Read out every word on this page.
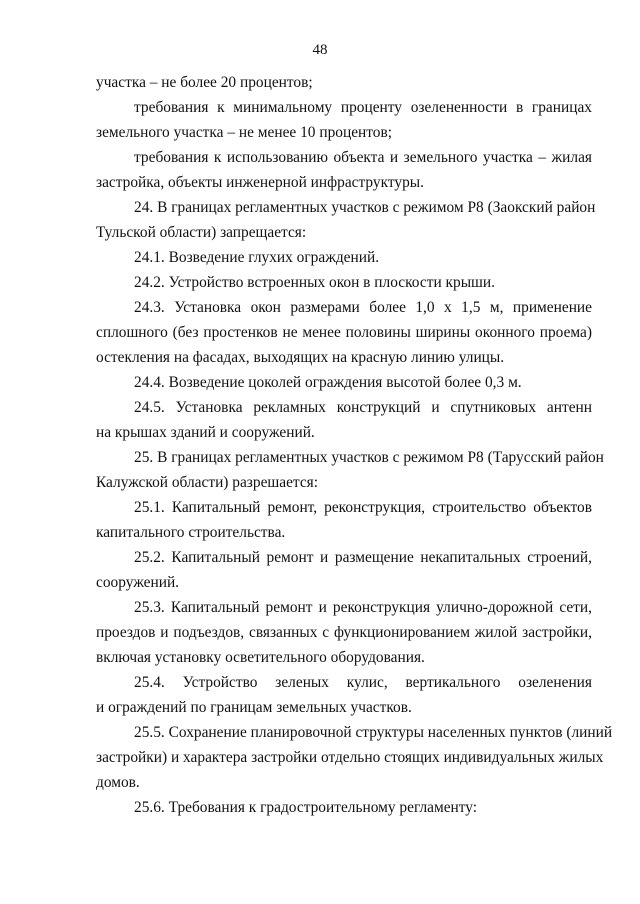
48
участка – не более 20 процентов;
требования к минимальному проценту озелененности в границах
земельного участка – не менее 10 процентов;
требования к использованию объекта и земельного участка – жилая
застройка, объекты инженерной инфраструктуры.
24. В границах регламентных участков с режимом Р8 (Заокский район
Тульской области) запрещается:
24.1. Возведение глухих ограждений.
24.2. Устройство встроенных окон в плоскости крыши.
24.3. Установка окон размерами более 1,0 х 1,5 м, применение
сплошного (без простенков не менее половины ширины оконного проема)
остекления на фасадах, выходящих на красную линию улицы.
24.4. Возведение цоколей ограждения высотой более 0,3 м.
24.5. Установка рекламных конструкций и спутниковых антенн
на крышах зданий и сооружений.
25. В границах регламентных участков с режимом Р8 (Тарусский район
Калужской области) разрешается:
25.1. Капитальный ремонт, реконструкция, строительство объектов
капитального строительства.
25.2. Капитальный ремонт и размещение некапитальных строений,
сооружений.
25.3. Капитальный ремонт и реконструкция улично-дорожной сети,
проездов и подъездов, связанных с функционированием жилой застройки,
включая установку осветительного оборудования.
25.4. Устройство зеленых кулис, вертикального озеленения
и ограждений по границам земельных участков.
25.5. Сохранение планировочной структуры населенных пунктов (линий
застройки) и характера застройки отдельно стоящих индивидуальных жилых
домов.
25.6. Требования к градостроительному регламенту:
